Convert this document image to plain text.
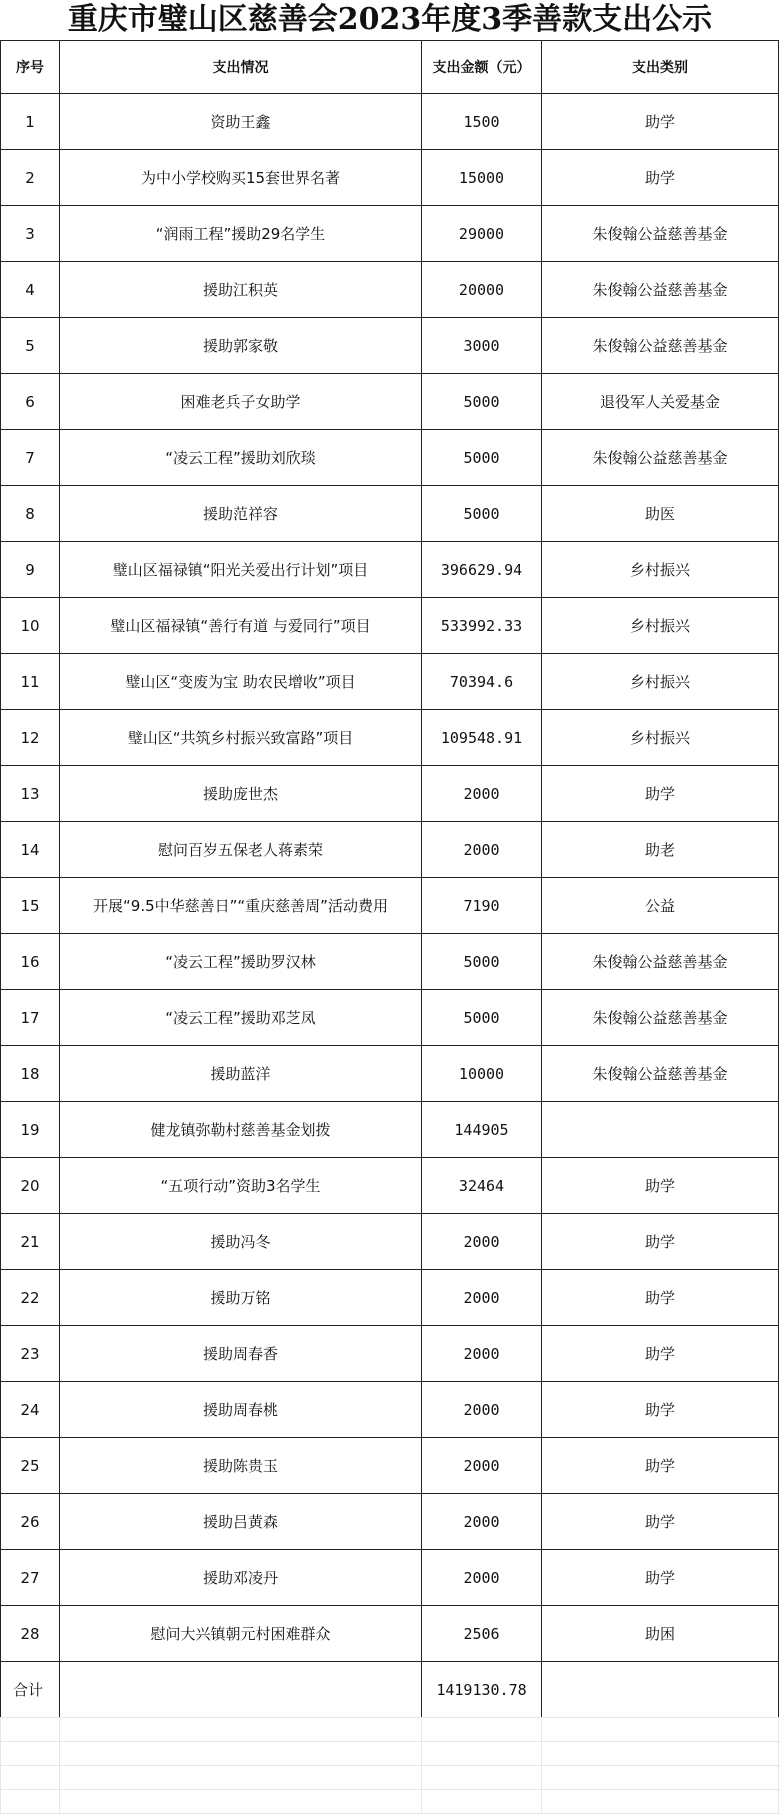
重庆市璧山区慈善会2023年度3季善款支出公示
序号	支出情况	支出金额（元）	支出类别
1	资助王鑫	1500	助学
2	为中小学校购买15套世界名著	15000	助学
3	“润雨工程”援助29名学生	29000	朱俊翰公益慈善基金
4	援助江积英	20000	朱俊翰公益慈善基金
5	援助郭家敬	3000	朱俊翰公益慈善基金
6	困难老兵子女助学	5000	退役军人关爱基金
7	“凌云工程”援助刘欣琰	5000	朱俊翰公益慈善基金
8	援助范祥容	5000	助医
9	璧山区福禄镇“阳光关爱出行计划”项目	396629.94	乡村振兴
10	璧山区福禄镇“善行有道 与爱同行”项目	533992.33	乡村振兴
11	璧山区“变废为宝 助农民增收”项目	70394.6	乡村振兴
12	璧山区“共筑乡村振兴致富路”项目	109548.91	乡村振兴
13	援助庞世杰	2000	助学
14	慰问百岁五保老人蒋素荣	2000	助老
15	开展“9.5中华慈善日”“重庆慈善周”活动费用	7190	公益
16	“凌云工程”援助罗汉林	5000	朱俊翰公益慈善基金
17	“凌云工程”援助邓芝凤	5000	朱俊翰公益慈善基金
18	援助蓝洋	10000	朱俊翰公益慈善基金
19	健龙镇弥勒村慈善基金划拨	144905	
20	“五项行动”资助3名学生	32464	助学
21	援助冯冬	2000	助学
22	援助万铭	2000	助学
23	援助周春香	2000	助学
24	援助周春桃	2000	助学
25	援助陈贵玉	2000	助学
26	援助吕黄森	2000	助学
27	援助邓凌丹	2000	助学
28	慰问大兴镇朝元村困难群众	2506	助困
合计		1419130.78	
